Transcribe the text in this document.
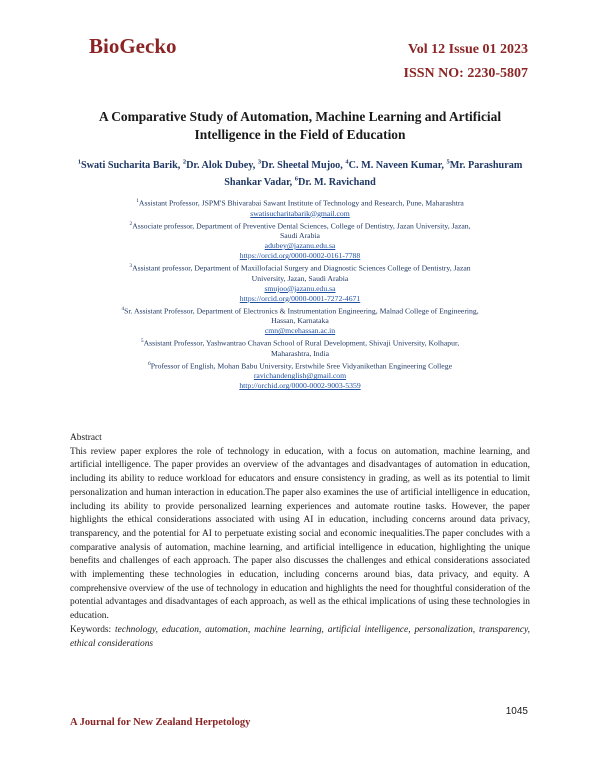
BioGecko	Vol 12 Issue 01 2023
ISSN NO: 2230-5807
A Comparative Study of Automation, Machine Learning and Artificial
Intelligence in the Field of Education
$^1$Swati Sucharita Barik, $^2$Dr. Alok Dubey, $^3$Dr. Sheetal Mujoo, $^4$C. M. Naveen Kumar, $^5$Mr. Parashuram Shankar Vadar, $^6$Dr. M. Ravichand
$^1$Assistant Professor, JSPM'S Bhivarabai Sawant Institute of Technology and Research, Pune, Maharashtra
swatisucharitabarik@gmail.com
$^2$Associate professor, Department of Preventive Dental Sciences, College of Dentistry, Jazan University, Jazan,
Saudi Arabia
adubey@jazanu.edu.sa
https://orcid.org/0000-0002-0161-7788
$^3$Assistant professor, Department of Maxillofacial Surgery and Diagnostic Sciences College of Dentistry, Jazan
University, Jazan, Saudi Arabia
smujoo@jazanu.edu.sa
https://orcid.org/0000-0001-7272-4671
$^4$Sr. Assistant Professor, Department of Electronics & Instrumentation Engineering, Malnad College of Engineering,
Hassan, Karnataka
cmn@mcehassan.ac.in
$^5$Assistant Professor, Yashwantrao Chavan School of Rural Development, Shivaji University, Kolhapur,
Maharashtra, India
$^6$Professor of English, Mohan Babu University, Erstwhile Sree Vidyanikethan Engineering College
ravichandenglish@gmail.com
http://orchid.org/0000-0002-9003-5359

Abstract

This review paper explores the role of technology in education, with a focus on automation, machine learning, and artificial intelligence. The paper provides an overview of the advantages and disadvantages of automation in education, including its ability to reduce workload for educators and ensure consistency in grading, as well as its potential to limit personalization and human interaction in education.The paper also examines the use of artificial intelligence in education, including its ability to provide personalized learning experiences and automate routine tasks. However, the paper highlights the ethical considerations associated with using AI in education, including concerns around data privacy, transparency, and the potential for AI to perpetuate existing social and economic inequalities.The paper concludes with a comparative analysis of automation, machine learning, and artificial intelligence in education, highlighting the unique benefits and challenges of each approach. The paper also discusses the challenges and ethical considerations associated with implementing these technologies in education, including concerns around bias, data privacy, and equity. A comprehensive overview of the use of technology in education and highlights the need for thoughtful consideration of the potential advantages and disadvantages of each approach, as well as the ethical implications of using these technologies in education.

Keywords: technology, education, automation, machine learning, artificial intelligence, personalization, transparency, ethical considerations

1045
A Journal for New Zealand Herpetology
